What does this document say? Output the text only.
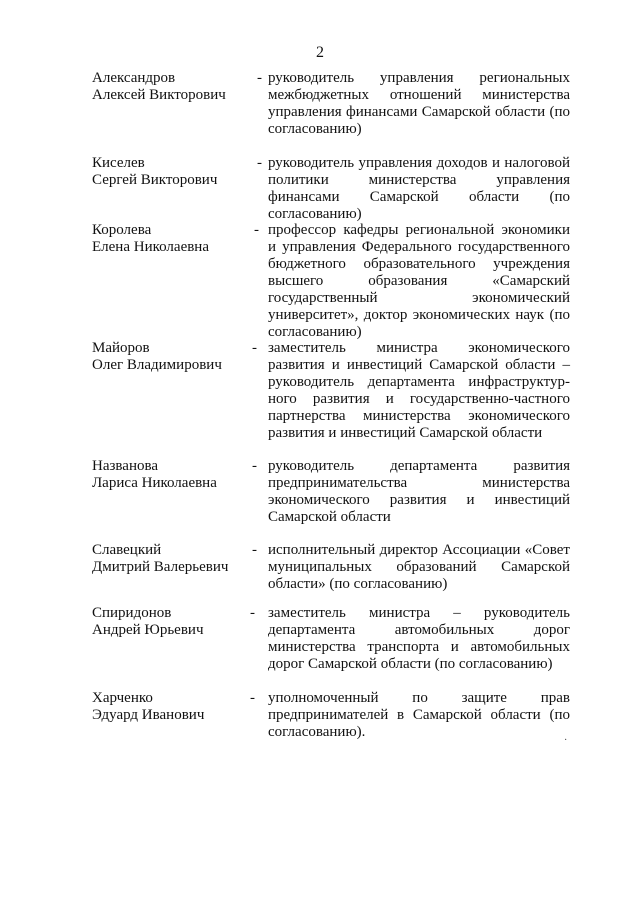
2
Александров
Алексей Викторович
- руководитель управления региональных межбюджетных отношений министерства управления финансами Самарской области (по согласованию)
Киселев
Сергей Викторович
- руководитель управления доходов и налоговой политики министерства управления финансами Самарской области (по согласованию)
Королева
Елена Николаевна
- профессор кафедры региональной экономики и управления Федерального государственного бюджетного образовательного учреждения высшего образования «Самарский государственный экономический университет», доктор экономических наук (по согласованию)
Майоров
Олег Владимирович
- заместитель министра экономического развития и инвестиций Самарской области – руководитель департамента инфраструктурного развития и государственно-частного партнерства министерства экономического развития и инвестиций Самарской области
Названова
Лариса Николаевна
- руководитель департамента развития предпринимательства министерства экономического развития и инвестиций Самарской области
Славецкий
Дмитрий Валерьевич
- исполнительный директор Ассоциации «Совет муниципальных образований Самарской области» (по согласованию)
Спиридонов
Андрей Юрьевич
- заместитель министра – руководитель департамента автомобильных дорог министерства транспорта и автомобильных дорог Самарской области (по согласованию)
Харченко
Эдуард Иванович
- уполномоченный по защите прав предпринимателей в Самарской области (по согласованию).
·
